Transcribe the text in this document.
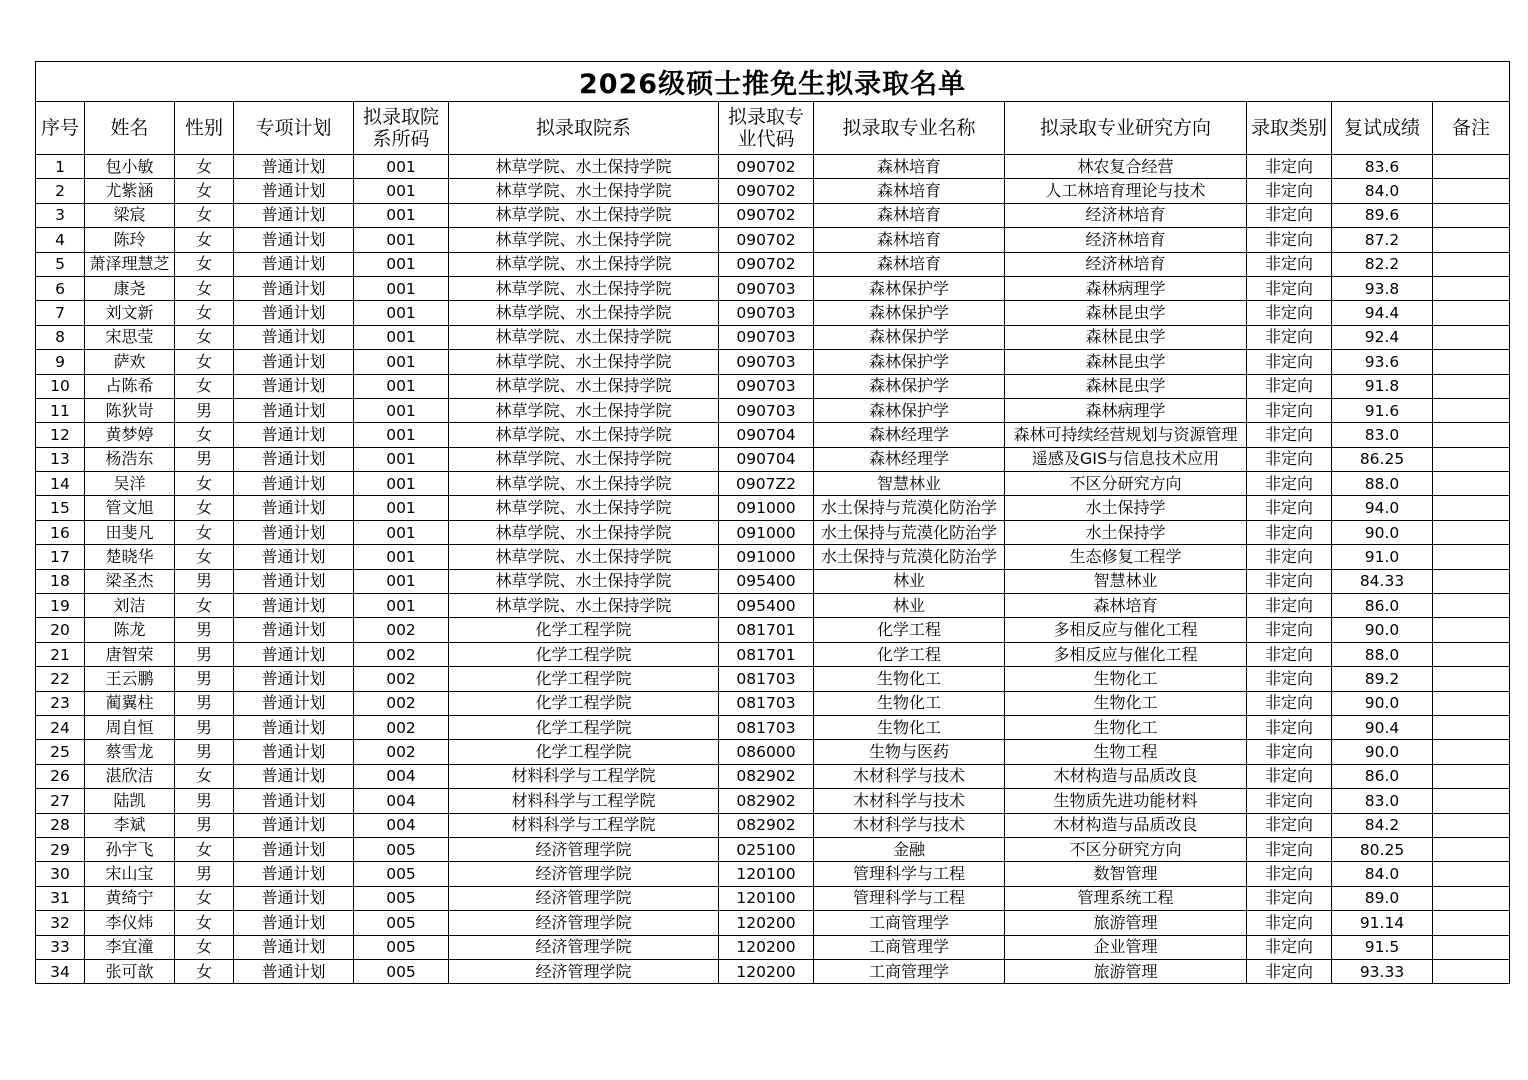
2026级硕士推免生拟录取名单											
序号	姓名	性别	专项计划	拟录取院系所码	拟录取院系	拟录取专业代码	拟录取专业名称	拟录取专业研究方向	录取类别	复试成绩	备注
1	包小敏	女	普通计划	001	林草学院、水土保持学院	090702	森林培育	林农复合经营	非定向	83.6	
2	尤紫涵	女	普通计划	001	林草学院、水土保持学院	090702	森林培育	人工林培育理论与技术	非定向	84.0	
3	梁宸	女	普通计划	001	林草学院、水土保持学院	090702	森林培育	经济林培育	非定向	89.6	
4	陈玲	女	普通计划	001	林草学院、水土保持学院	090702	森林培育	经济林培育	非定向	87.2	
5	萧泽理慧芝	女	普通计划	001	林草学院、水土保持学院	090702	森林培育	经济林培育	非定向	82.2	
6	康尧	女	普通计划	001	林草学院、水土保持学院	090703	森林保护学	森林病理学	非定向	93.8	
7	刘文新	女	普通计划	001	林草学院、水土保持学院	090703	森林保护学	森林昆虫学	非定向	94.4	
8	宋思莹	女	普通计划	001	林草学院、水土保持学院	090703	森林保护学	森林昆虫学	非定向	92.4	
9	萨欢	女	普通计划	001	林草学院、水土保持学院	090703	森林保护学	森林昆虫学	非定向	93.6	
10	占陈希	女	普通计划	001	林草学院、水土保持学院	090703	森林保护学	森林昆虫学	非定向	91.8	
11	陈狄岢	男	普通计划	001	林草学院、水土保持学院	090703	森林保护学	森林病理学	非定向	91.6	
12	黄梦婷	女	普通计划	001	林草学院、水土保持学院	090704	森林经理学	森林可持续经营规划与资源管理	非定向	83.0	
13	杨浩东	男	普通计划	001	林草学院、水土保持学院	090704	森林经理学	遥感及GIS与信息技术应用	非定向	86.25	
14	吴洋	女	普通计划	001	林草学院、水土保持学院	0907Z2	智慧林业	不区分研究方向	非定向	88.0	
15	管文旭	女	普通计划	001	林草学院、水土保持学院	091000	水土保持与荒漠化防治学	水土保持学	非定向	94.0	
16	田斐凡	女	普通计划	001	林草学院、水土保持学院	091000	水土保持与荒漠化防治学	水土保持学	非定向	90.0	
17	楚晓华	女	普通计划	001	林草学院、水土保持学院	091000	水土保持与荒漠化防治学	生态修复工程学	非定向	91.0	
18	梁圣杰	男	普通计划	001	林草学院、水土保持学院	095400	林业	智慧林业	非定向	84.33	
19	刘洁	女	普通计划	001	林草学院、水土保持学院	095400	林业	森林培育	非定向	86.0	
20	陈龙	男	普通计划	002	化学工程学院	081701	化学工程	多相反应与催化工程	非定向	90.0	
21	唐智荣	男	普通计划	002	化学工程学院	081701	化学工程	多相反应与催化工程	非定向	88.0	
22	王云鹏	男	普通计划	002	化学工程学院	081703	生物化工	生物化工	非定向	89.2	
23	蔺翼柱	男	普通计划	002	化学工程学院	081703	生物化工	生物化工	非定向	90.0	
24	周自恒	男	普通计划	002	化学工程学院	081703	生物化工	生物化工	非定向	90.4	
25	蔡雪龙	男	普通计划	002	化学工程学院	086000	生物与医药	生物工程	非定向	90.0	
26	湛欣洁	女	普通计划	004	材料科学与工程学院	082902	木材科学与技术	木材构造与品质改良	非定向	86.0	
27	陆凯	男	普通计划	004	材料科学与工程学院	082902	木材科学与技术	生物质先进功能材料	非定向	83.0	
28	李斌	男	普通计划	004	材料科学与工程学院	082902	木材科学与技术	木材构造与品质改良	非定向	84.2	
29	孙宇飞	女	普通计划	005	经济管理学院	025100	金融	不区分研究方向	非定向	80.25	
30	宋山宝	男	普通计划	005	经济管理学院	120100	管理科学与工程	数智管理	非定向	84.0	
31	黄绮宁	女	普通计划	005	经济管理学院	120100	管理科学与工程	管理系统工程	非定向	89.0	
32	李仪炜	女	普通计划	005	经济管理学院	120200	工商管理学	旅游管理	非定向	91.14	
33	李宜潼	女	普通计划	005	经济管理学院	120200	工商管理学	企业管理	非定向	91.5	
34	张可歆	女	普通计划	005	经济管理学院	120200	工商管理学	旅游管理	非定向	93.33	
